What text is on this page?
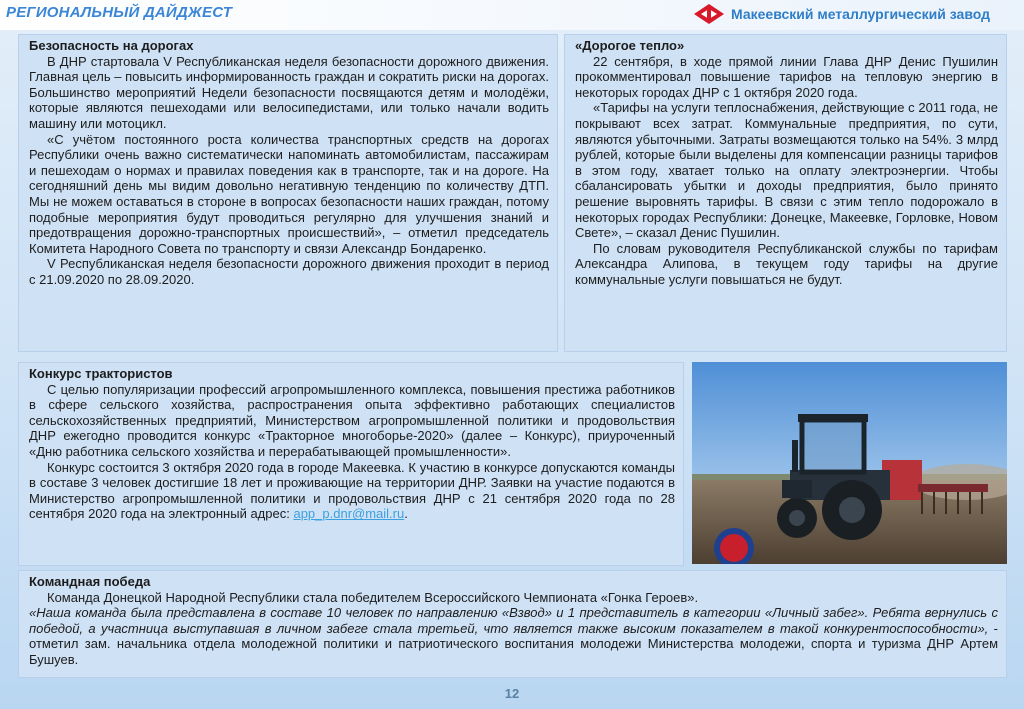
РЕГИОНАЛЬНЫЙ ДАЙДЖЕСТ	Макеевский металлургический завод
Безопасность на дорогах

В ДНР стартовала V Республиканская неделя безопасности дорожного движения. Главная цель – повысить информированность граждан и сократить риски на дорогах. Большинство мероприятий Недели безопасности посвящаются детям и молодёжи, которые являются пешеходами или велосипедистами, или только начали водить машину или мотоцикл.

«С учётом постоянного роста количества транспортных средств на дорогах Республики очень важно систематически напоминать автомобилистам, пассажирам и пешеходам о нормах и правилах поведения как в транспорте, так и на дороге. На сегодняшний день мы видим довольно негативную тенденцию по количеству ДТП. Мы не можем оставаться в стороне в вопросах безопасности наших граждан, потому подобные мероприятия будут проводиться регулярно для улучшения знаний и предотвращения дорожно-транспортных происшествий», – отметил председатель Комитета Народного Совета по транспорту и связи Александр Бондаренко.

V Республиканская неделя безопасности дорожного движения проходит в период с 21.09.2020 по 28.09.2020.

«Дорогое тепло»

22 сентября, в ходе прямой линии Глава ДНР Денис Пушилин прокомментировал повышение тарифов на тепловую энергию в некоторых городах ДНР с 1 октября 2020 года.

«Тарифы на услуги теплоснабжения, действующие с 2011 года, не покрывают всех затрат. Коммунальные предприятия, по сути, являются убыточными. Затраты возмещаются только на 54%. 3 млрд рублей, которые были выделены для компенсации разницы тарифов в этом году, хватает только на оплату электроэнергии. Чтобы сбалансировать убытки и доходы предприятия, было принято решение выровнять тарифы. В связи с этим тепло подорожало в некоторых городах Республики: Донецке, Макеевке, Горловке, Новом Свете», – сказал Денис Пушилин.

По словам руководителя Республиканской службы по тарифам Александра Алипова, в текущем году тарифы на другие коммунальные услуги повышаться не будут.

Конкурс трактористов

С целью популяризации профессий агропромышленного комплекса, повышения престижа работников в сфере сельского хозяйства, распространения опыта эффективно работающих специалистов сельскохозяйственных предприятий, Министерством агропромышленной политики и продовольствия ДНР ежегодно проводится конкурс «Тракторное многоборье-2020» (далее – Конкурс), приуроченный «Дню работника сельского хозяйства и перерабатывающей промышленности».

Конкурс состоится 3 октября 2020 года в городе Макеевка. К участию в конкурсе допускаются команды в составе 3 человек достигшие 18 лет и проживающие на территории ДНР. Заявки на участие подаются в Министерство агропромышленной политики и продовольствия ДНР с 21 сентября 2020 года по 28 сентября 2020 года на электронный адрес: app_p.dnr@mail.ru.

Командная победа

Команда Донецкой Народной Республики стала победителем Всероссийского Чемпионата «Гонка Героев».

«Наша команда была представлена в составе 10 человек по направлению «Взвод» и 1 представитель в категории «Личный забег». Ребята вернулись с победой, а участница выступавшая в личном забеге стала третьей, что является также высоким показателем в такой конкурентоспособности», - отметил зам. начальника отдела молодежной политики и патриотического воспитания молодежи Министерства молодежи, спорта и туризма ДНР Артем Бушуев.

12
